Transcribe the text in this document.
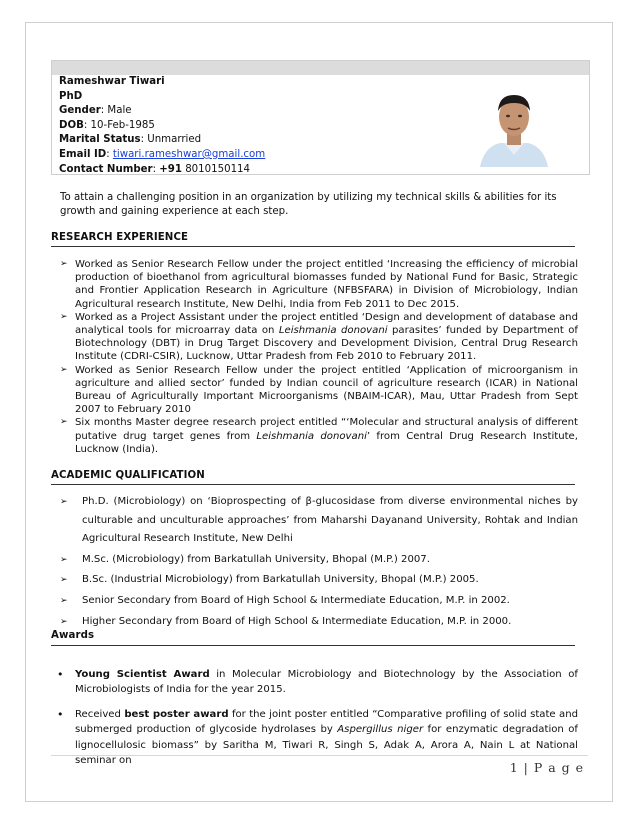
Rameshwar Tiwari
PhD
Gender: Male
DOB: 10-Feb-1985
Marital Status: Unmarried
Email ID: tiwari.rameshwar@gmail.com
Contact Number: +91 8010150114
To attain a challenging position in an organization by utilizing my technical skills & abilities for its growth and gaining experience at each step.
RESEARCH EXPERIENCE
➢ Worked as Senior Research Fellow under the project entitled ‘Increasing the efficiency of microbial production of bioethanol from agricultural biomasses funded by National Fund for Basic, Strategic and Frontier Application Research in Agriculture (NFBSFARA) in Division of Microbiology, Indian Agricultural research Institute, New Delhi, India from Feb 2011 to Dec 2015.
➢ Worked as a Project Assistant under the project entitled ‘Design and development of database and analytical tools for microarray data on Leishmania donovani parasites’ funded by Department of Biotechnology (DBT) in Drug Target Discovery and Development Division, Central Drug Research Institute (CDRI-CSIR), Lucknow, Uttar Pradesh from Feb 2010 to February 2011.
➢ Worked as Senior Research Fellow under the project entitled ‘Application of microorganism in agriculture and allied sector’ funded by Indian council of agriculture research (ICAR) in National Bureau of Agriculturally Important Microorganisms (NBAIM-ICAR), Mau, Uttar Pradesh from Sept 2007 to February 2010
➢ Six months Master degree research project entitled “‘Molecular and structural analysis of different putative drug target genes from Leishmania donovani’ from Central Drug Research Institute, Lucknow (India).
ACADEMIC QUALIFICATION
➢ Ph.D. (Microbiology) on ‘Bioprospecting of β-glucosidase from diverse environmental niches by culturable and unculturable approaches’ from Maharshi Dayanand University, Rohtak and Indian Agricultural Research Institute, New Delhi
➢ M.Sc. (Microbiology) from Barkatullah University, Bhopal (M.P.) 2007.
➢ B.Sc. (Industrial Microbiology) from Barkatullah University, Bhopal (M.P.) 2005.
➢ Senior Secondary from Board of High School & Intermediate Education, M.P. in 2002.
➢ Higher Secondary from Board of High School & Intermediate Education, M.P. in 2000.
Awards
• Young Scientist Award in Molecular Microbiology and Biotechnology by the Association of Microbiologists of India for the year 2015.
• Received best poster award for the joint poster entitled “Comparative profiling of solid state and submerged production of glycoside hydrolases by Aspergillus niger for enzymatic degradation of lignocellulosic biomass” by Saritha M, Tiwari R, Singh S, Adak A, Arora A, Nain L at National seminar on	1 | P a g e
